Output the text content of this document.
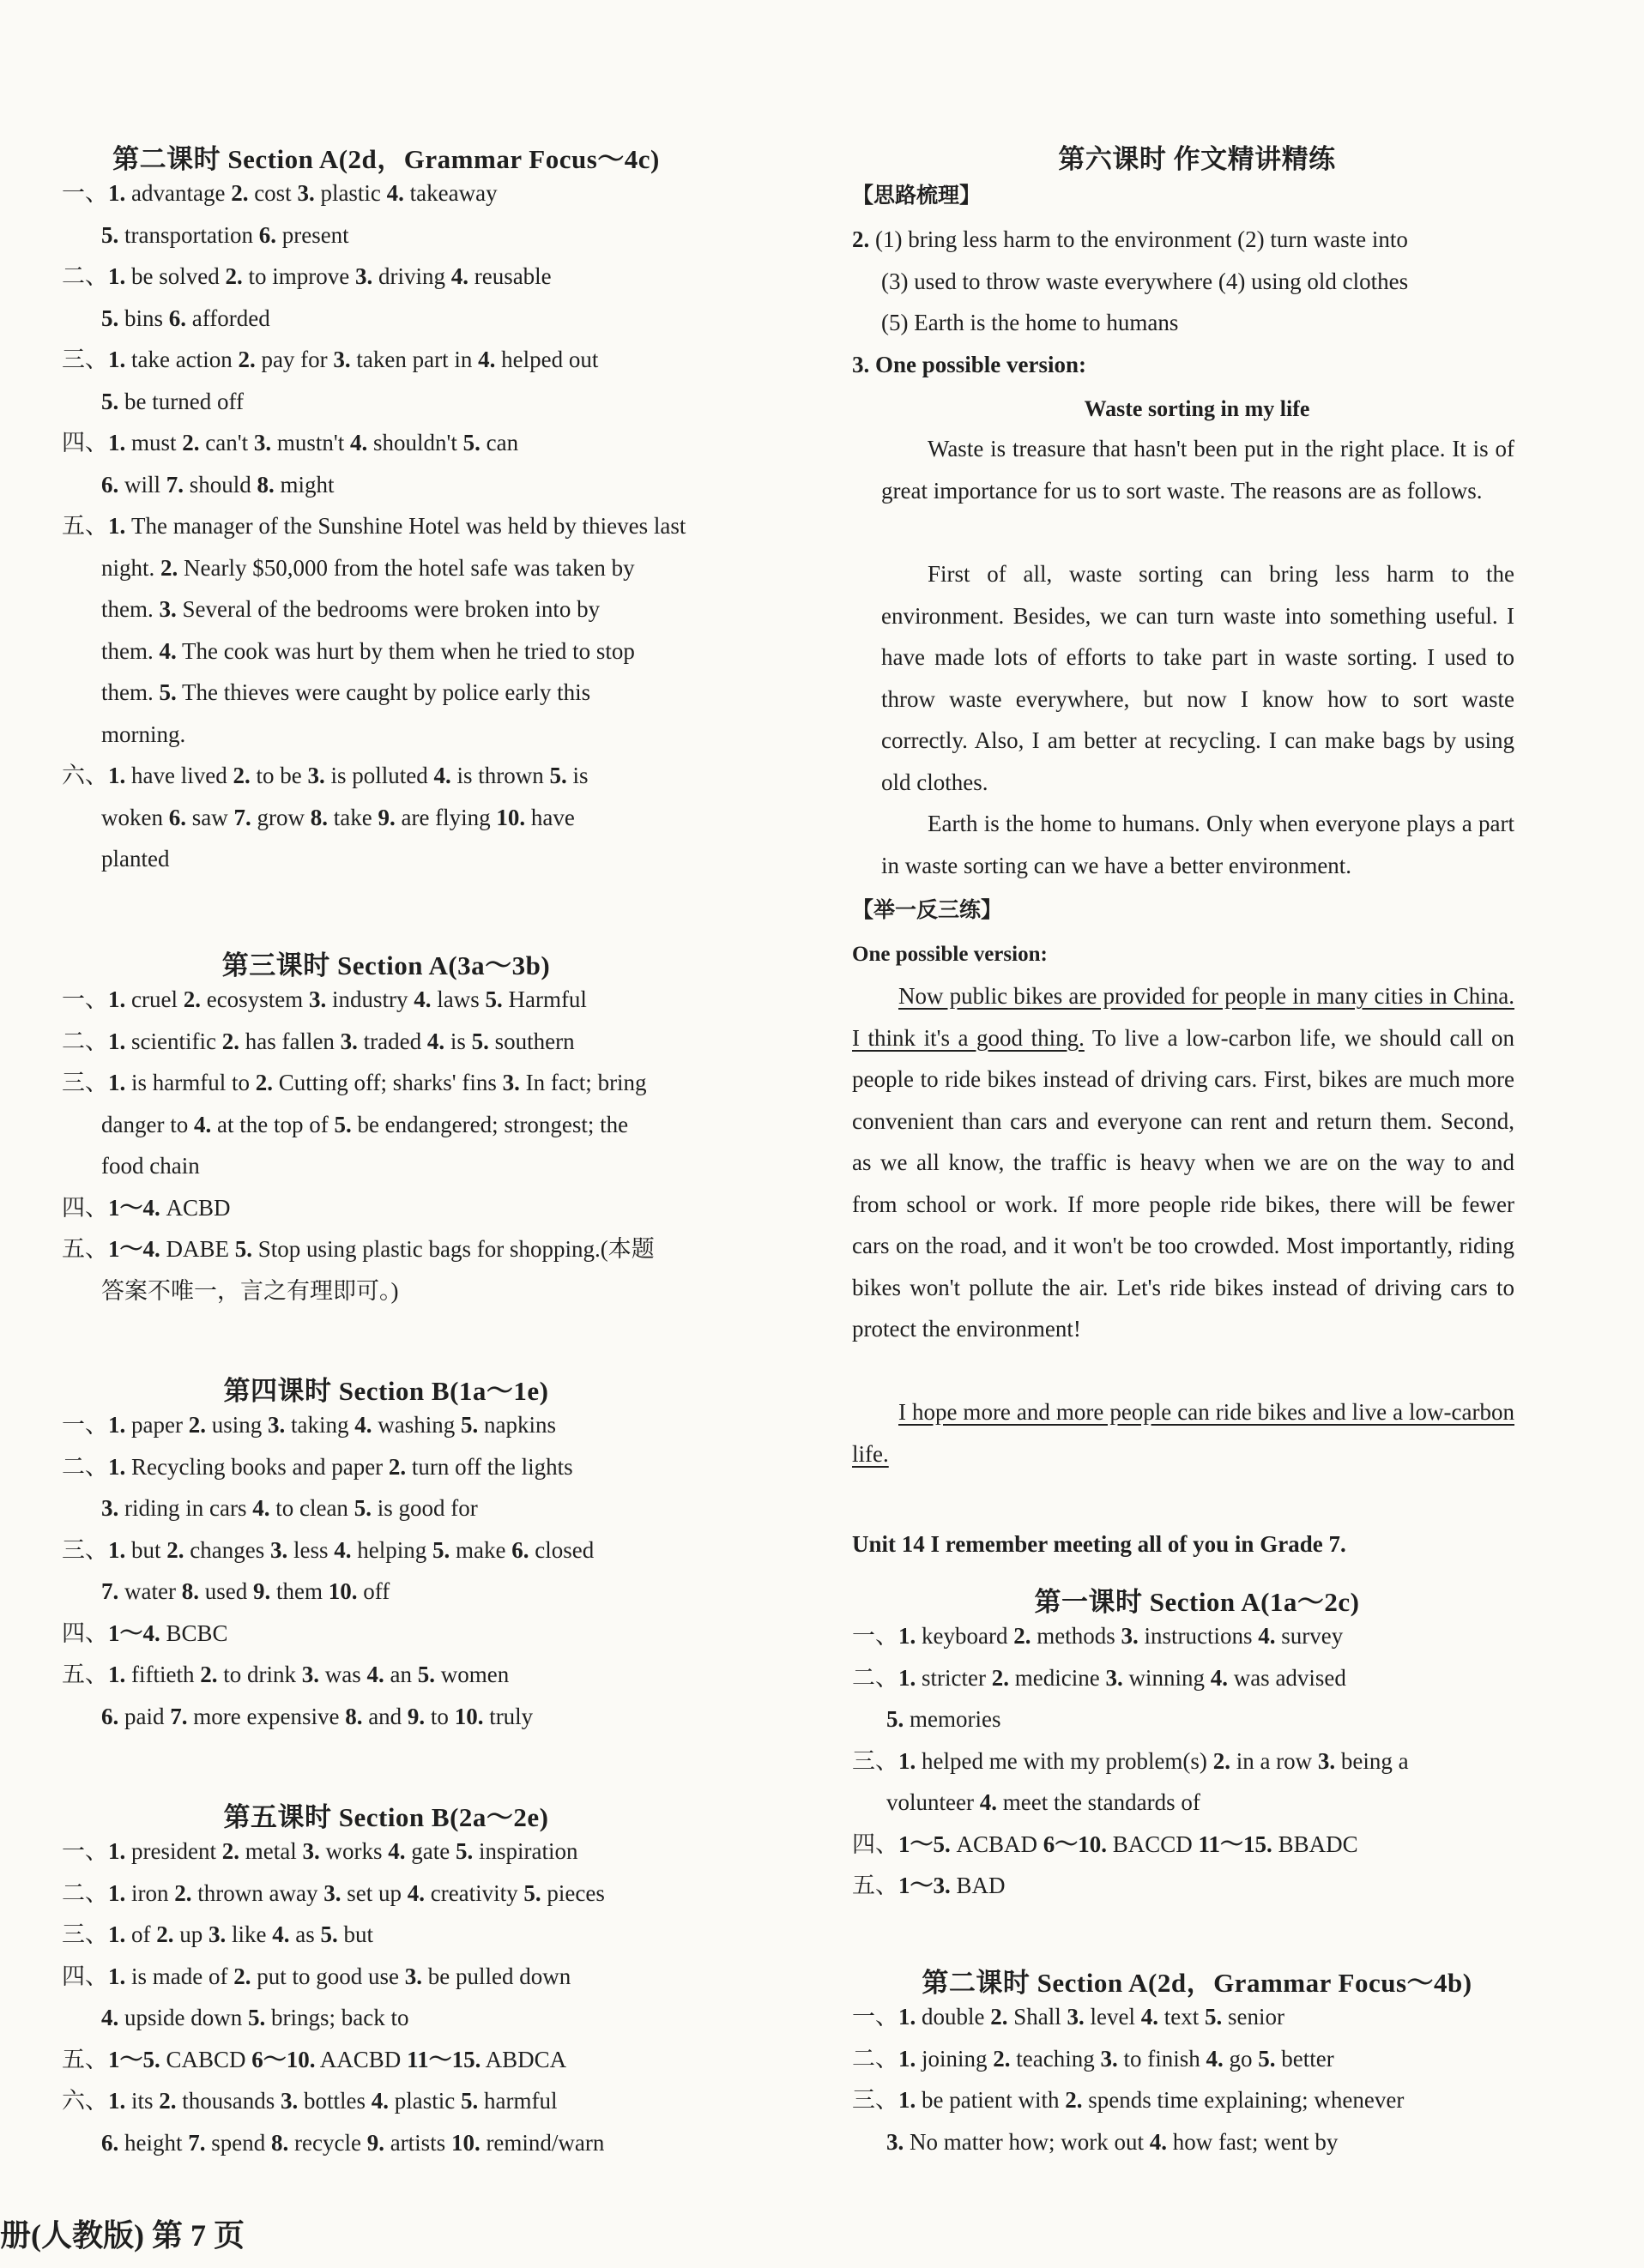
第二课时 Section A(2d，Grammar Focus～4c)
一、1. advantage 2. cost 3. plastic 4. takeaway
5. transportation 6. present
二、1. be solved 2. to improve 3. driving 4. reusable
5. bins 6. afforded
三、1. take action 2. pay for 3. taken part in 4. helped out
5. be turned off
四、1. must 2. can't 3. mustn't 4. shouldn't 5. can
6. will 7. should 8. might
五、1. The manager of the Sunshine Hotel was held by thieves last
night. 2. Nearly $50,000 from the hotel safe was taken by
them. 3. Several of the bedrooms were broken into by
them. 4. The cook was hurt by them when he tried to stop
them. 5. The thieves were caught by police early this
morning.
六、1. have lived 2. to be 3. is polluted 4. is thrown 5. is
woken 6. saw 7. grow 8. take 9. are flying 10. have
planted
第三课时 Section A(3a～3b)
一、1. cruel 2. ecosystem 3. industry 4. laws 5. Harmful
二、1. scientific 2. has fallen 3. traded 4. is 5. southern
三、1. is harmful to 2. Cutting off; sharks' fins 3. In fact; bring
danger to 4. at the top of 5. be endangered; strongest; the
food chain
四、1～4. ACBD
五、1～4. DABE 5. Stop using plastic bags for shopping.(本题
答案不唯一，言之有理即可。)
第四课时 Section B(1a～1e)
一、1. paper 2. using 3. taking 4. washing 5. napkins
二、1. Recycling books and paper 2. turn off the lights
3. riding in cars 4. to clean 5. is good for
三、1. but 2. changes 3. less 4. helping 5. make 6. closed
7. water 8. used 9. them 10. off
四、1～4. BCBC
五、1. fiftieth 2. to drink 3. was 4. an 5. women
6. paid 7. more expensive 8. and 9. to 10. truly
第五课时 Section B(2a～2e)
一、1. president 2. metal 3. works 4. gate 5. inspiration
二、1. iron 2. thrown away 3. set up 4. creativity 5. pieces
三、1. of 2. up 3. like 4. as 5. but
四、1. is made of 2. put to good use 3. be pulled down
4. upside down 5. brings; back to
五、1～5. CABCD 6～10. AACBD 11～15. ABDCA
六、1. its 2. thousands 3. bottles 4. plastic 5. harmful
6. height 7. spend 8. recycle 9. artists 10. remind/warn
第六课时 作文精讲精练
【思路梳理】
2. (1) bring less harm to the environment (2) turn waste into
(3) used to throw waste everywhere (4) using old clothes
(5) Earth is the home to humans
3. One possible version:
Waste sorting in my life
Waste is treasure that hasn't been put in the right place. It is of great importance for us to sort waste. The reasons are as follows.
First of all, waste sorting can bring less harm to the environment. Besides, we can turn waste into something useful. I have made lots of efforts to take part in waste sorting. I used to throw waste everywhere, but now I know how to sort waste correctly. Also, I am better at recycling. I can make bags by using old clothes.
Earth is the home to humans. Only when everyone plays a part in waste sorting can we have a better environment.
【举一反三练】
One possible version:
Now public bikes are provided for people in many cities in China. I think it's a good thing. To live a low-carbon life, we should call on people to ride bikes instead of driving cars. First, bikes are much more convenient than cars and everyone can rent and return them. Second, as we all know, the traffic is heavy when we are on the way to and from school or work. If more people ride bikes, there will be fewer cars on the road, and it won't be too crowded. Most importantly, riding bikes won't pollute the air. Let's ride bikes instead of driving cars to protect the environment!
I hope more and more people can ride bikes and live a low-carbon life.
Unit 14 I remember meeting all of you in Grade 7.
第一课时 Section A(1a～2c)
一、1. keyboard 2. methods 3. instructions 4. survey
二、1. stricter 2. medicine 3. winning 4. was advised
5. memories
三、1. helped me with my problem(s) 2. in a row 3. being a
volunteer 4. meet the standards of
四、1～5. ACBAD 6～10. BACCD 11～15. BBADC
五、1～3. BAD
第二课时 Section A(2d，Grammar Focus～4b)
一、1. double 2. Shall 3. level 4. text 5. senior
二、1. joining 2. teaching 3. to finish 4. go 5. better
三、1. be patient with 2. spends time explaining; whenever
3. No matter how; work out 4. how fast; went by
册(人教版) 第 7 页
